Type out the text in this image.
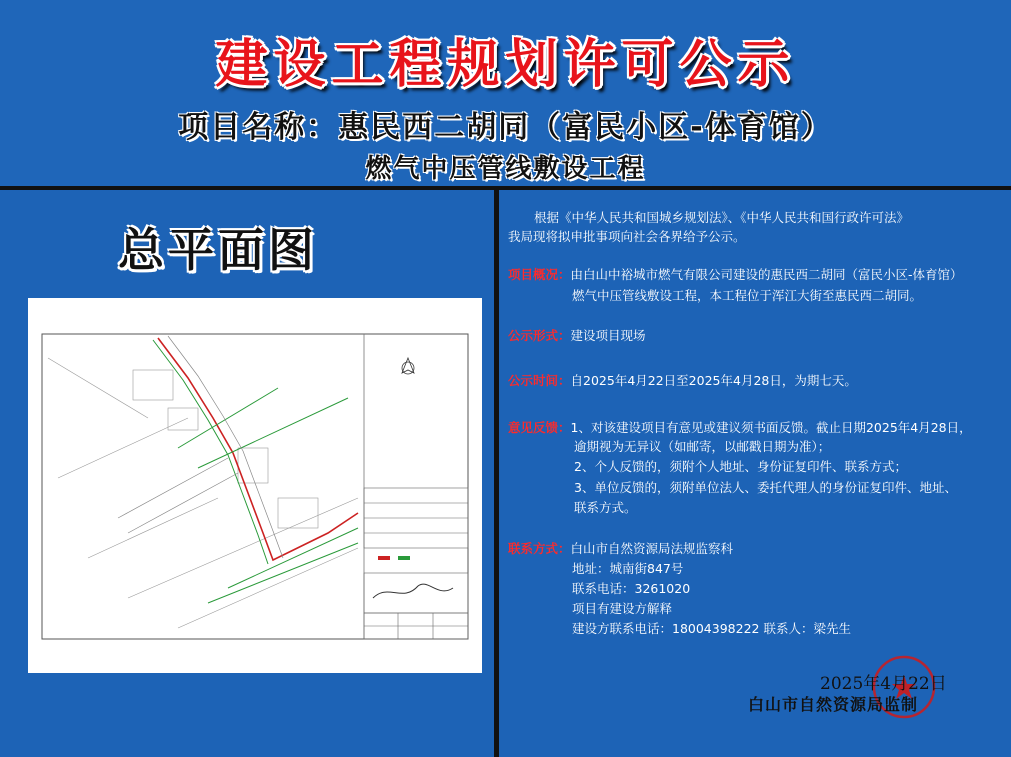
建设工程规划许可公示
项目名称：惠民西二胡同（富民小区-体育馆）
燃气中压管线敷设工程
总平面图
根据《中华人民共和国城乡规划法》、《中华人民共和国行政许可法》
我局现将拟申批事项向社会各界给予公示。
项目概况：由白山中裕城市燃气有限公司建设的惠民西二胡同（富民小区-体育馆）
燃气中压管线敷设工程，本工程位于浑江大街至惠民西二胡同。
公示形式：建设项目现场
公示时间：自2025年4月22日至2025年4月28日，为期七天。
意见反馈：1、对该建设项目有意见或建议须书面反馈。截止日期2025年4月28日，
逾期视为无异议（如邮寄，以邮戳日期为准）；
2、个人反馈的，须附个人地址、身份证复印件、联系方式；
3、单位反馈的，须附单位法人、委托代理人的身份证复印件、地址、
联系方式。
联系方式：白山市自然资源局法规监察科
地址：城南街847号
联系电话：3261020
项目有建设方解释
建设方联系电话：18004398222 联系人：梁先生
2025年4月22日
白山市自然资源局监制
